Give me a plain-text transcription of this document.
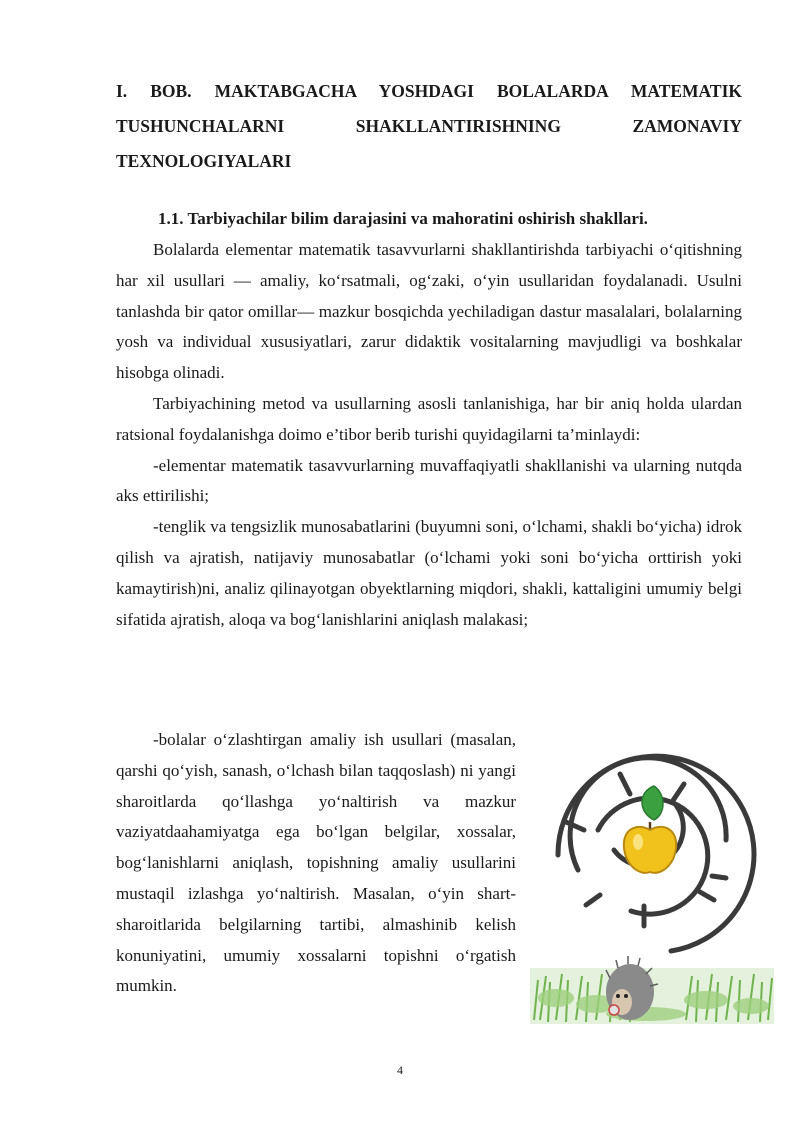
I. BOB. MAKTABGACHA YOSHDAGI BOLALARDA MATEMATIK
TUSHUNCHALARNI SHAKLLANTIRISHNING ZAMONAVIY
TEXNOLOGIYALARI
1.1. Tarbiyachilar bilim darajasini va mahoratini oshirish shakllari.

Bolalarda elementar matematik tasavvurlarni shakllantirishda tarbiyachi o‘qitishning har xil usullari — amaliy, ko‘rsatmali, og‘zaki, o‘yin usullaridan foydalanadi. Usulni tanlashda bir qator omillar— mazkur bosqichda yechiladigan dastur masalalari, bolalarning yosh va individual xususiyatlari, zarur didaktik vositalarning mavjudligi va boshkalar hisobga olinadi.

Tarbiyachining metod va usullarning asosli tanlanishiga, har bir aniq holda ulardan ratsional foydalanishga doimo e’tibor berib turishi quyidagilarni ta’minlaydi:

-elementar matematik tasavvurlarning muvaffaqiyatli shakllanishi va ularning nutqda aks ettirilishi;

-tenglik va tengsizlik munosabatlarini (buyumni soni, o‘lchami, shakli bo‘yicha) idrok qilish va ajratish, natijaviy munosabatlar (o‘lchami yoki soni bo‘yicha orttirish yoki kamaytirish)ni, analiz qilinayotgan obyektlarning miqdori, shakli, kattaligini umumiy belgi sifatida ajratish, aloqa va bog‘lanishlarini aniqlash malakasi;

-bolalar o‘zlashtirgan amaliy ish usullari (masalan, qarshi qo‘yish, sanash, o‘lchash bilan taqqoslash) ni yangi sharoitlarda qo‘llashga yo‘naltirish va mazkur vaziyatdaahamiyatga ega bo‘lgan belgilar, xossalar, bog‘lanishlarni aniqlash, topishning amaliy usullarini mustaqil izlashga yo‘naltirish. Masalan, o‘yin shart-sharoitlarida belgilarning tartibi, almashinib kelish konuniyatini, umumiy xossalarni topishni o‘rgatish mumkin.

4
